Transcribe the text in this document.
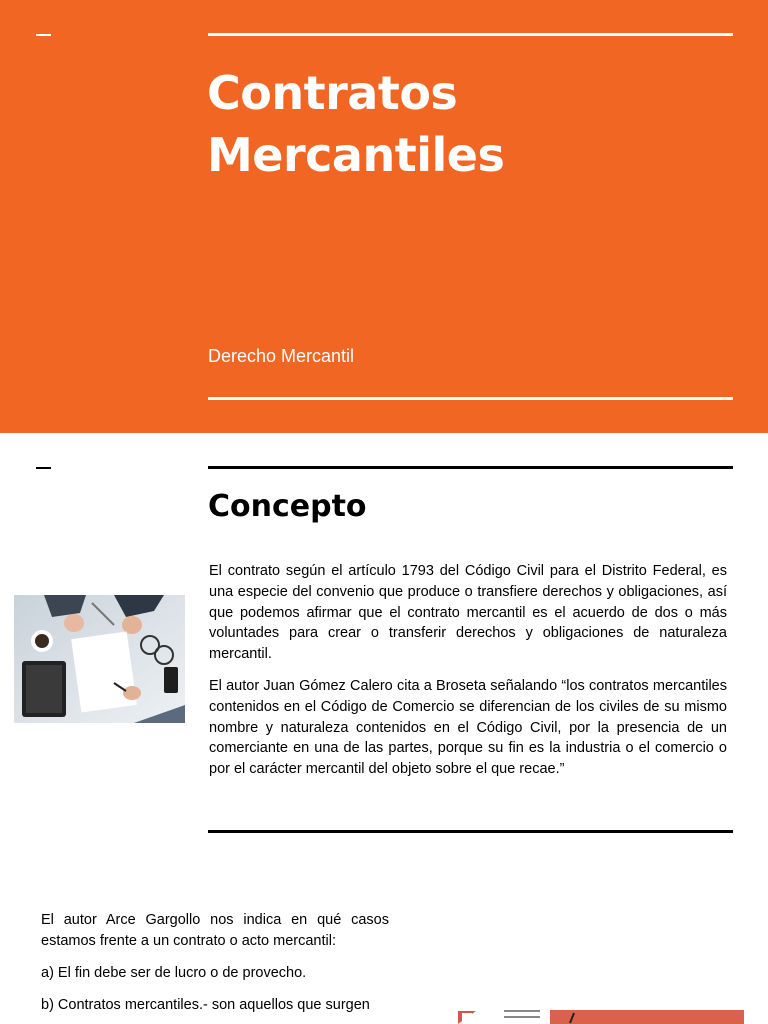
Contratos
Mercantiles
Derecho Mercantil
Concepto

El contrato según el artículo 1793 del Código Civil para el Distrito Federal, es una especie del convenio que produce o transfiere derechos y obligaciones, así que podemos afirmar que el contrato mercantil es el acuerdo de dos o más voluntades para crear o transferir derechos y obligaciones de naturaleza mercantil.

El autor Juan Gómez Calero cita a Broseta señalando “los contratos mercantiles contenidos en el Código de Comercio se diferencian de los civiles de su mismo nombre y naturaleza contenidos en el Código Civil, por la presencia de un comerciante en una de las partes, porque su fin es la industria o el comercio o por el carácter mercantil del objeto sobre el que recae.”

El autor Arce Gargollo nos indica en qué casos estamos frente a un contrato o acto mercantil:

a) El fin debe ser de lucro o de provecho.

b) Contratos mercantiles.- son aquellos que surgen
